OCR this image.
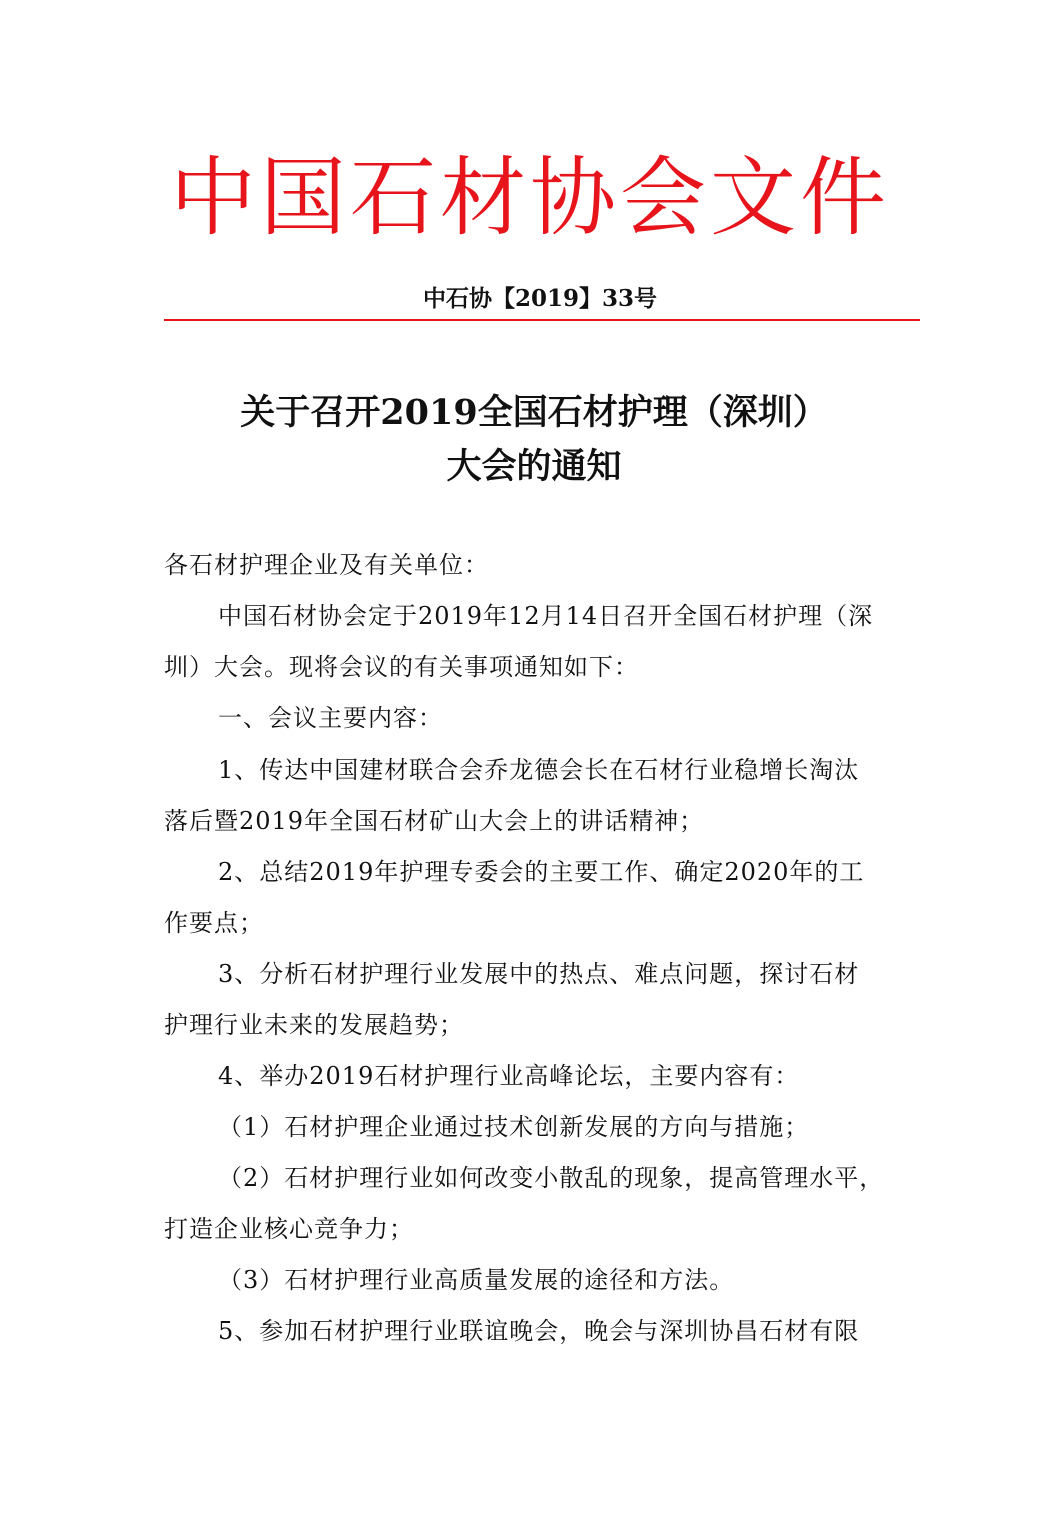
中国石材协会文件
中石协【2019】33号
关于召开2019全国石材护理（深圳）
大会的通知
各石材护理企业及有关单位：
中国石材协会定于2019年12月14日召开全国石材护理（深
圳）大会。现将会议的有关事项通知如下：
一、会议主要内容：
1、传达中国建材联合会乔龙德会长在石材行业稳增长淘汰
落后暨2019年全国石材矿山大会上的讲话精神；
2、总结2019年护理专委会的主要工作、确定2020年的工
作要点；
3、分析石材护理行业发展中的热点、难点问题，探讨石材
护理行业未来的发展趋势；
4、举办2019石材护理行业高峰论坛，主要内容有：
（1）石材护理企业通过技术创新发展的方向与措施；
（2）石材护理行业如何改变小散乱的现象，提高管理水平，
打造企业核心竞争力；
（3）石材护理行业高质量发展的途径和方法。
5、参加石材护理行业联谊晚会，晚会与深圳协昌石材有限
